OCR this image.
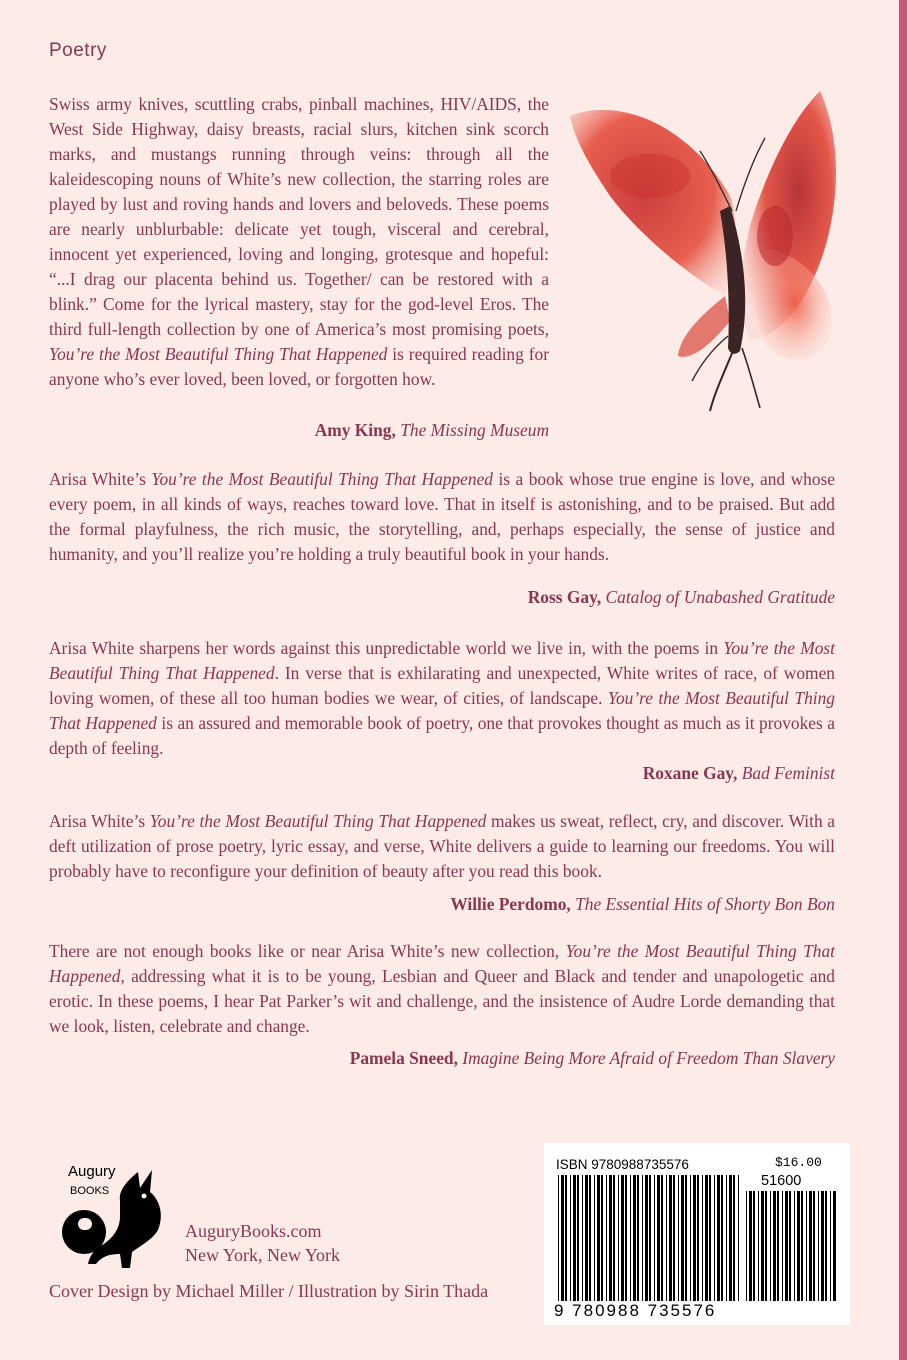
Poetry

Swiss army knives, scuttling crabs, pinball machines, HIV/AIDS, the West Side Highway, daisy breasts, racial slurs, kitchen sink scorch marks, and mustangs running through veins: through all the kaleidescoping nouns of White’s new collection, the starring roles are played by lust and roving hands and lovers and beloveds. These poems are nearly unblurbable: delicate yet tough, visceral and cerebral, innocent yet experienced, loving and longing, grotesque and hopeful: “...I drag our placenta behind us. Together/ can be restored with a blink.” Come for the lyrical mastery, stay for the god-level Eros. The third full-length collection by one of America’s most promising poets, You’re the Most Beautiful Thing That Happened is required reading for anyone who’s ever loved, been loved, or forgotten how.

Amy King, The Missing Museum

Arisa White’s You’re the Most Beautiful Thing That Happened is a book whose true engine is love, and whose every poem, in all kinds of ways, reaches toward love. That in itself is astonishing, and to be praised. But add the formal playfulness, the rich music, the storytelling, and, perhaps especially, the sense of justice and humanity, and you’ll realize you’re holding a truly beautiful book in your hands.

Ross Gay, Catalog of Unabashed Gratitude

Arisa White sharpens her words against this unpredictable world we live in, with the poems in You’re the Most Beautiful Thing That Happened. In verse that is exhilarating and unexpected, White writes of race, of women loving women, of these all too human bodies we wear, of cities, of landscape. You’re the Most Beautiful Thing That Happened is an assured and memorable book of poetry, one that provokes thought as much as it provokes a depth of feeling.

Roxane Gay, Bad Feminist

Arisa White’s You’re the Most Beautiful Thing That Happened makes us sweat, reflect, cry, and discover. With a deft utilization of prose poetry, lyric essay, and verse, White delivers a guide to learning our freedoms. You will probably have to reconfigure your definition of beauty after you read this book.

Willie Perdomo, The Essential Hits of Shorty Bon Bon

There are not enough books like or near Arisa White’s new collection, You’re the Most Beautiful Thing That Happened, addressing what it is to be young, Lesbian and Queer and Black and tender and unapologetic and erotic. In these poems, I hear Pat Parker’s wit and challenge, and the insistence of Audre Lorde demanding that we look, listen, celebrate and change.

Pamela Sneed, Imagine Being More Afraid of Freedom Than Slavery
Augury
BOOKS
AuguryBooks.com
New York, New York
Cover Design by Michael Miller / Illustration by Sirin Thada
ISBN 9780988735576	$16.00
51600
9 780988 735576
